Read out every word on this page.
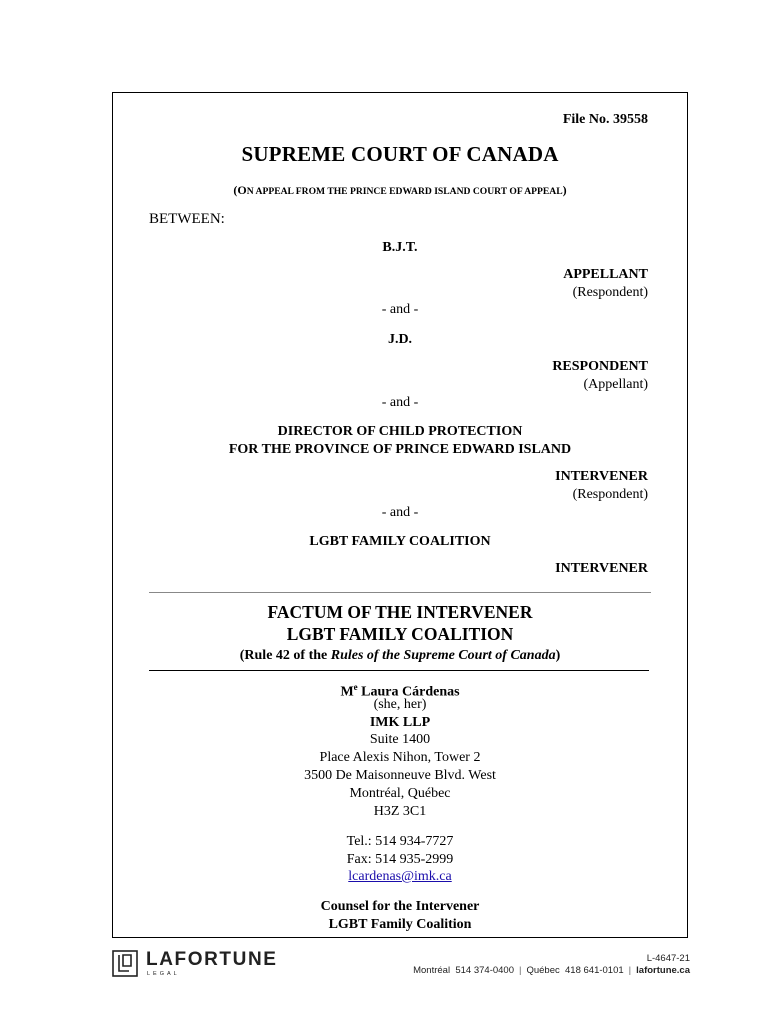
File No. 39558
SUPREME COURT OF CANADA
(ON APPEAL FROM THE PRINCE EDWARD ISLAND COURT OF APPEAL)
BETWEEN:
B.J.T.
APPELLANT
(Respondent)
- and -
J.D.
RESPONDENT
(Appellant)
- and -
DIRECTOR OF CHILD PROTECTION
FOR THE PROVINCE OF PRINCE EDWARD ISLAND
INTERVENER
(Respondent)
- and -
LGBT FAMILY COALITION
INTERVENER
FACTUM OF THE INTERVENER
LGBT FAMILY COALITION
(Rule 42 of the Rules of the Supreme Court of Canada)
Me Laura Cárdenas
(she, her)
IMK LLP
Suite 1400
Place Alexis Nihon, Tower 2
3500 De Maisonneuve Blvd. West
Montréal, Québec
H3Z 3C1
Tel.: 514 934-7727
Fax: 514 935-2999
lcardenas@imk.ca
Counsel for the Intervener
LGBT Family Coalition
LAFORTUNE
LEGAL
L-4647-21
Montréal  514 374-0400 | Québec  418 641-0101 | lafortune.ca
